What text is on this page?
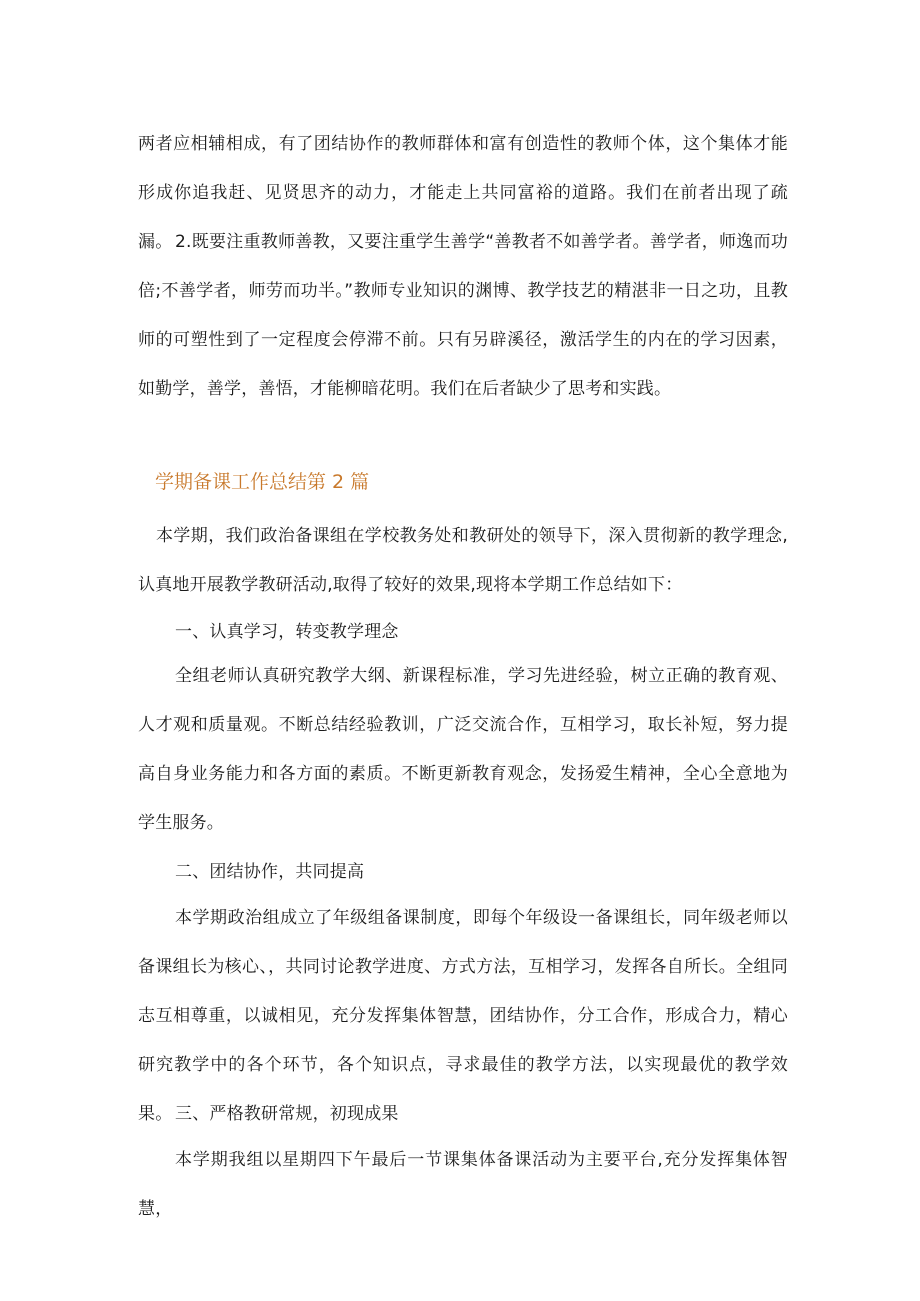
两者应相辅相成，有了团结协作的教师群体和富有创造性的教师个体，这个集体才能形成你追我赶、见贤思齐的动力，才能走上共同富裕的道路。我们在前者出现了疏漏。 2.既要注重教师善教，又要注重学生善学“善教者不如善学者。善学者，师逸而功倍;不善学者，师劳而功半。”教师专业知识的渊博、教学技艺的精湛非一日之功，且教师的可塑性到了一定程度会停滞不前。只有另辟溪径，激活学生的内在的学习因素，如勤学，善学，善悟，才能柳暗花明。我们在后者缺少了思考和实践。

学期备课工作总结第 2 篇

本学期，我们政治备课组在学校教务处和教研处的领导下，深入贯彻新的教学理念,认真地开展教学教研活动,取得了较好的效果,现将本学期工作总结如下：

一、认真学习，转变教学理念

全组老师认真研究教学大纲、新课程标准，学习先进经验，树立正确的教育观、人才观和质量观。不断总结经验教训，广泛交流合作，互相学习，取长补短，努力提高自身业务能力和各方面的素质。不断更新教育观念，发扬爱生精神，全心全意地为学生服务。

二、团结协作，共同提高

本学期政治组成立了年级组备课制度，即每个年级设一备课组长，同年级老师以备课组长为核心、，共同讨论教学进度、方式方法，互相学习，发挥各自所长。全组同志互相尊重，以诚相见，充分发挥集体智慧，团结协作，分工合作，形成合力，精心研究教学中的各个环节，各个知识点，寻求最佳的教学方法，以实现最优的教学效果。 三、严格教研常规，初现成果

本学期我组以星期四下午最后一节课集体备课活动为主要平台,充分发挥集体智慧，
